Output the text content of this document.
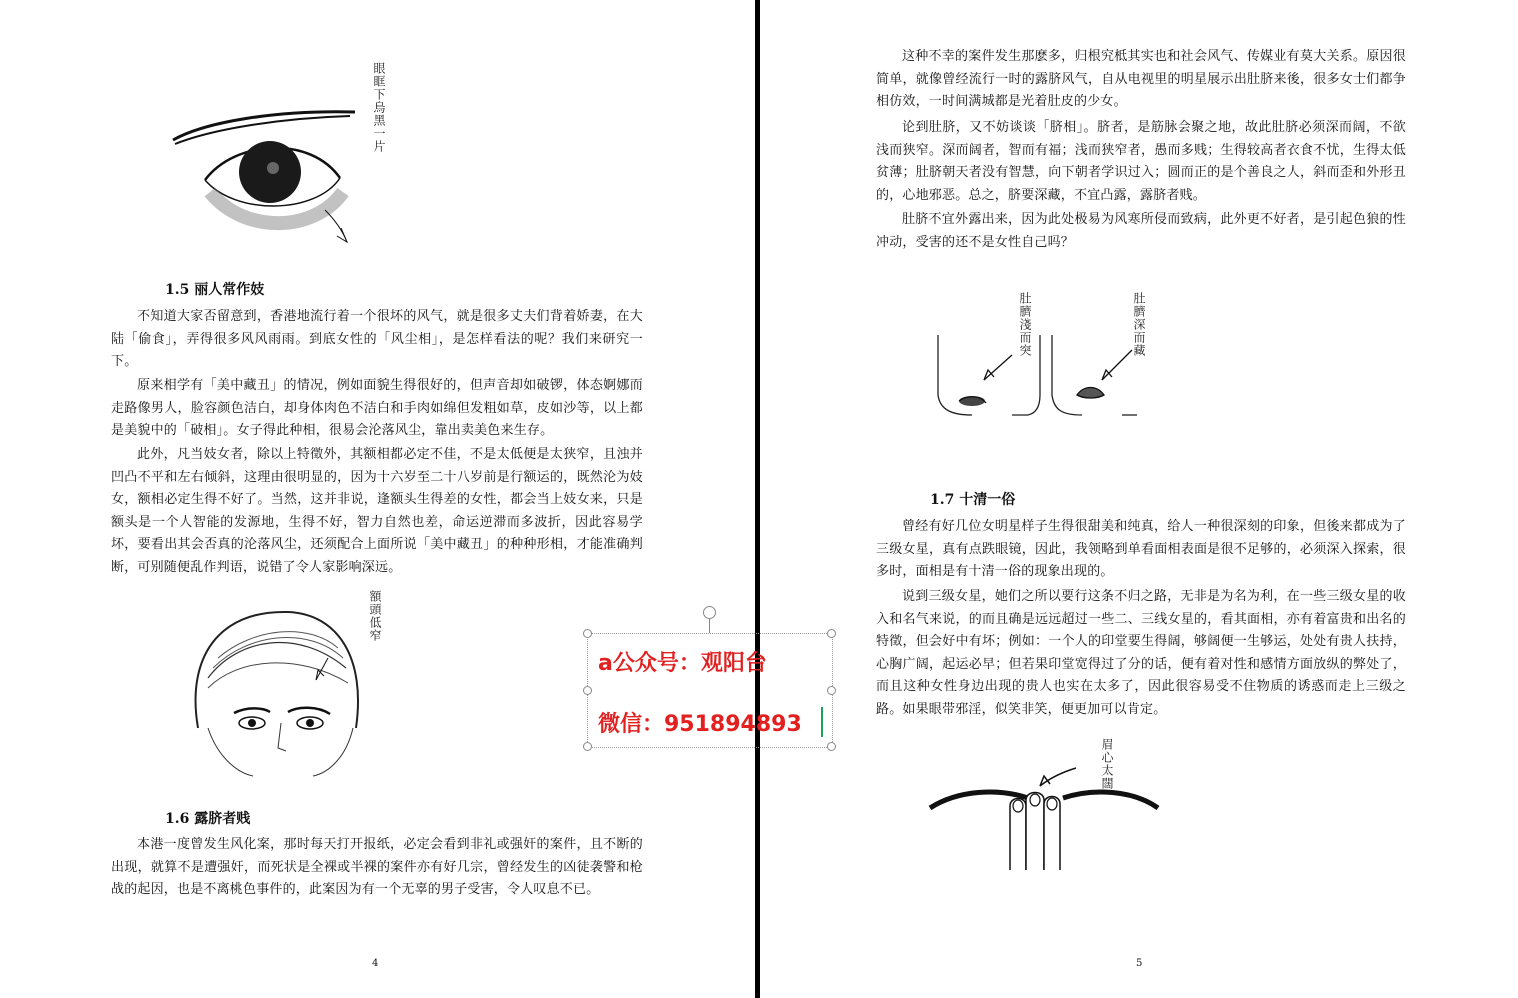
眼眶下烏黑一片
1.5 丽人常作妓

不知道大家否留意到，香港地流行着一个很坏的风气，就是很多丈夫们背着娇妻，在大陆「偷食」，弄得很多风风雨雨。到底女性的「风尘相」，是怎样看法的呢？我们来研究一下。

原来相学有「美中藏丑」的情况，例如面貌生得很好的，但声音却如破锣，体态婀娜而走路像男人，脸容颜色洁白，却身体肉色不洁白和手肉如绵但发粗如草，皮如沙等，以上都是美貌中的「破相」。女子得此种相，很易会沦落风尘，靠出卖美色来生存。

此外，凡当妓女者，除以上特徵外，其额相都必定不佳，不是太低便是太狭窄，且浊并凹凸不平和左右倾斜，这理由很明显的，因为十六岁至二十八岁前是行额运的，既然沦为妓女，额相必定生得不好了。当然，这并非说，逢额头生得差的女性，都会当上妓女来，只是额头是一个人智能的发源地，生得不好，智力自然也差，命运逆滞而多波折，因此容易学坏，要看出其会否真的沦落风尘，还须配合上面所说「美中藏丑」的种种形相，才能准确判断，可别随便乱作判语，说错了令人家影响深远。

額頭低窄
1.6 露脐者贱

本港一度曾发生风化案，那时每天打开报纸，必定会看到非礼或强奸的案件，且不断的出现，就算不是遭强奸，而死状是全裸或半裸的案件亦有好几宗，曾经发生的凶徒袭警和枪战的起因，也是不离桃色事件的，此案因为有一个无辜的男子受害，令人叹息不已。

4

这种不幸的案件发生那麽多，归根究柢其实也和社会风气、传媒业有莫大关系。原因很简单，就像曾经流行一时的露脐风气，自从电视里的明星展示出肚脐来後，很多女士们都争相仿效，一时间满城都是光着肚皮的少女。

论到肚脐，又不妨谈谈「脐相」。脐者，是筋脉会聚之地，故此肚脐必须深而阔，不欲浅而狭窄。深而阔者，智而有福；浅而狭窄者，愚而多贱；生得较高者衣食不忧，生得太低贫薄；肚脐朝天者没有智慧，向下朝者学识过入；圆而正的是个善良之人，斜而歪和外形丑的，心地邪恶。总之，脐要深藏，不宜凸露，露脐者贱。

肚脐不宜外露出来，因为此处极易为风寒所侵而致病，此外更不好者，是引起色狼的性冲动，受害的还不是女性自己吗？

肚臍淺而突	肚臍深而藏
1.7 十清一俗

曾经有好几位女明星样子生得很甜美和纯真，给人一种很深刻的印象，但後来都成为了三级女星，真有点跌眼镜，因此，我领略到单看面相表面是很不足够的，必须深入探索，很多时，面相是有十清一俗的现象出现的。

说到三级女星，她们之所以要行这条不归之路，无非是为名为利，在一些三级女星的收入和名气来说，的而且确是远远超过一些二、三线女星的，看其面相，亦有着富贵和出名的特徵，但会好中有坏；例如：一个人的印堂要生得阔，够阔便一生够运，处处有贵人扶持，心胸广阔，起运必早；但若果印堂宽得过了分的话，便有着对性和感情方面放纵的弊处了，而且这种女性身边出现的贵人也实在太多了，因此很容易受不住物质的诱惑而走上三级之路。如果眼带邪淫，似笑非笑，便更加可以肯定。

眉心太闊
5
a公众号：观阳台
微信：951894893
